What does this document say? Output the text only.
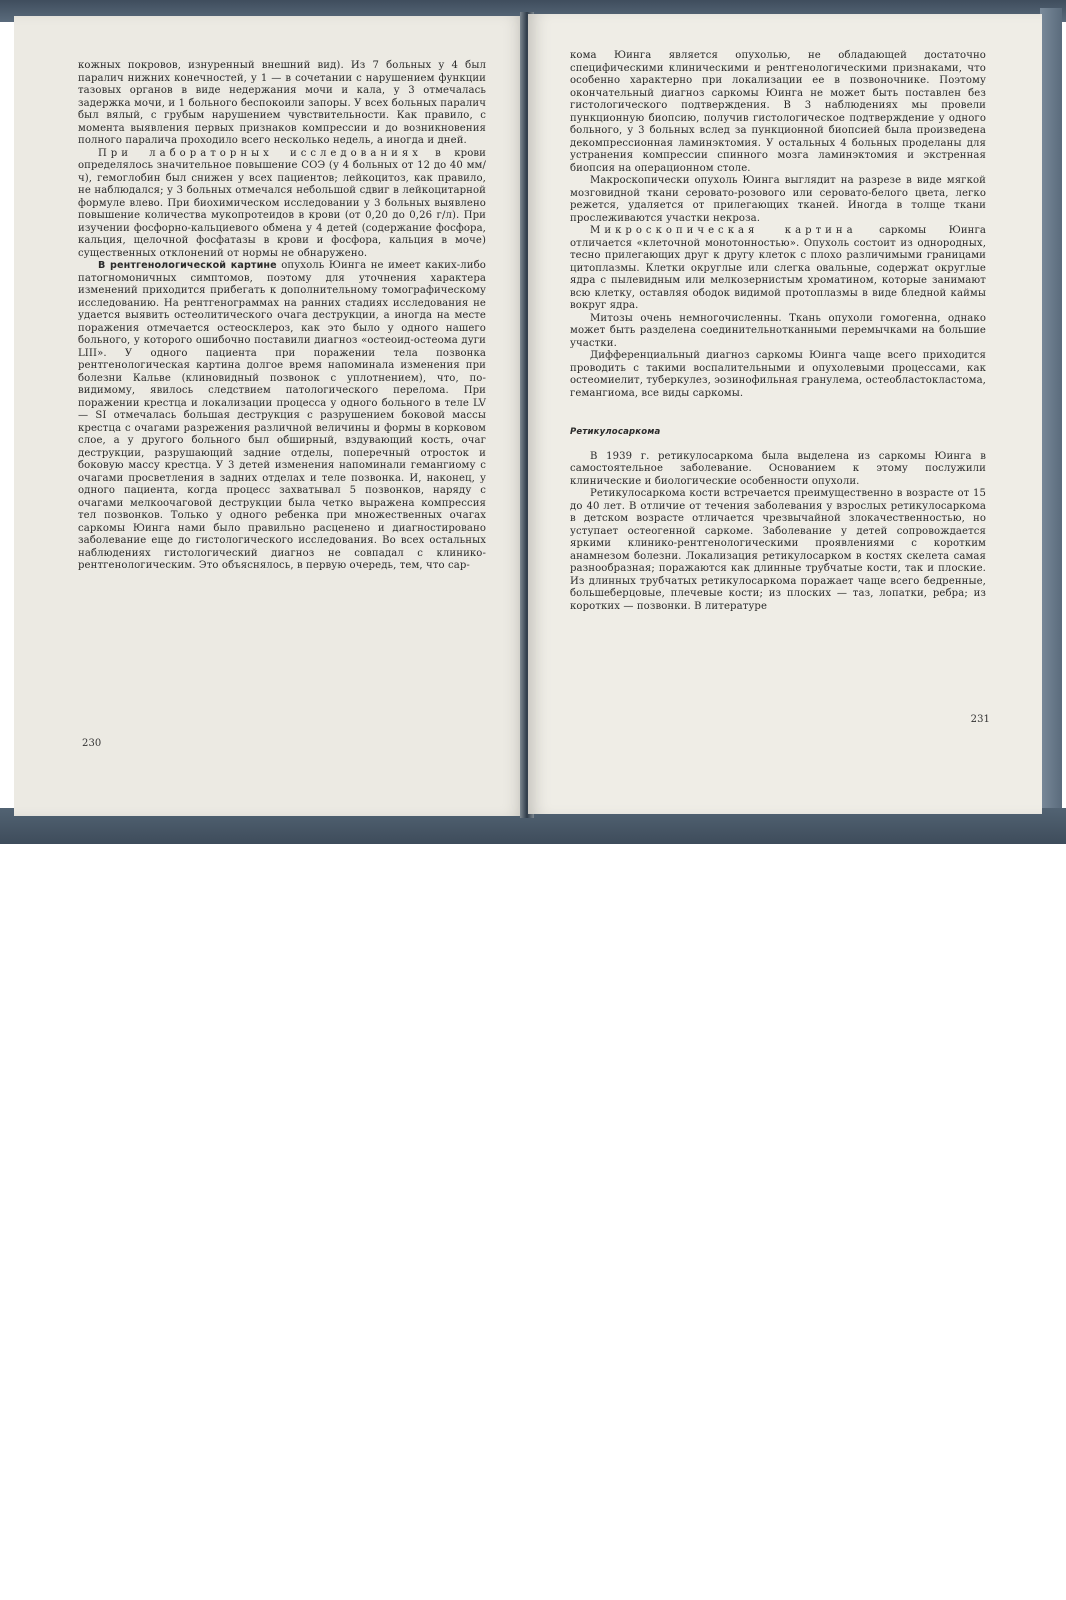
кожных покровов, изнуренный внешний вид). Из 7 больных у 4 был паралич нижних конечностей, у 1 — в сочетании с нарушением функции тазовых органов в виде недержания мочи и кала, у 3 отмечалась задержка мочи, и 1 больного беспокоили запоры. У всех больных паралич был вялый, с грубым нарушением чувствительности. Как правило, с момента выявления первых признаков компрессии и до возникновения полного паралича проходило всего несколько недель, а иногда и дней.

При лабораторных исследованиях в крови определялось значительное повышение СОЭ (у 4 больных от 12 до 40 мм/ч), гемоглобин был снижен у всех пациентов; лейкоцитоз, как правило, не наблюдался; у 3 больных отмечался небольшой сдвиг в лейкоцитарной формуле влево. При биохимическом исследовании у 3 больных выявлено повышение количества мукопротеидов в крови (от 0,20 до 0,26 г/л). При изучении фосфорно-кальциевого обмена у 4 детей (содержание фосфора, кальция, щелочной фосфатазы в крови и фосфора, кальция в моче) существенных отклонений от нормы не обнаружено.

В рентгенологической картине опухоль Юинга не имеет каких-либо патогномоничных симптомов, поэтому для уточнения характера изменений приходится прибегать к дополнительному томографическому исследованию. На рентгенограммах на ранних стадиях исследования не удается выявить остеолитического очага деструкции, а иногда на месте поражения отмечается остеосклероз, как это было у одного нашего больного, у которого ошибочно поставили диагноз «остеоид-остеома дуги LIII». У одного пациента при поражении тела позвонка рентгенологическая картина долгое время напоминала изменения при болезни Кальве (клиновидный позвонок с уплотнением), что, по-видимому, явилось следствием патологического перелома. При поражении крестца и локализации процесса у одного больного в теле LV — SI отмечалась большая деструкция с разрушением боковой массы крестца с очагами разрежения различной величины и формы в корковом слое, а у другого больного был обширный, вздувающий кость, очаг деструкции, разрушающий задние отделы, поперечный отросток и боковую массу крестца. У 3 детей изменения напоминали гемангиому с очагами просветления в задних отделах и теле позвонка. И, наконец, у одного пациента, когда процесс захватывал 5 позвонков, наряду с очагами мелкоочаговой деструкции была четко выражена компрессия тел позвонков. Только у одного ребенка при множественных очагах саркомы Юинга нами было правильно расценено и диагностировано заболевание еще до гистологического исследования. Во всех остальных наблюдениях гистологический диагноз не совпадал с клинико-рентгенологическим. Это объяснялось, в первую очередь, тем, что сар-

230

кома Юинга является опухолью, не обладающей достаточно специфическими клиническими и рентгенологическими признаками, что особенно характерно при локализации ее в позвоночнике. Поэтому окончательный диагноз саркомы Юинга не может быть поставлен без гистологического подтверждения. В 3 наблюдениях мы провели пункционную биопсию, получив гистологическое подтверждение у одного больного, у 3 больных вслед за пункционной биопсией была произведена декомпрессионная ламинэктомия. У остальных 4 больных проделаны для устранения компрессии спинного мозга ламинэктомия и экстренная биопсия на операционном столе.

Макроскопически опухоль Юинга выглядит на разрезе в виде мягкой мозговидной ткани серовато-розового или серовато-белого цвета, легко режется, удаляется от прилегающих тканей. Иногда в толще ткани прослеживаются участки некроза.

Микроскопическая картина саркомы Юинга отличается «клеточной монотонностью». Опухоль состоит из однородных, тесно прилегающих друг к другу клеток с плохо различимыми границами цитоплазмы. Клетки округлые или слегка овальные, содержат округлые ядра с пылевидным или мелкозернистым хроматином, которые занимают всю клетку, оставляя ободок видимой протоплазмы в виде бледной каймы вокруг ядра.

Митозы очень немногочисленны. Ткань опухоли гомогенна, однако может быть разделена соединительнотканными перемычками на большие участки.

Дифференциальный диагноз саркомы Юинга чаще всего приходится проводить с такими воспалительными и опухолевыми процессами, как остеомиелит, туберкулез, эозинофильная гранулема, остеобластокластома, гемангиома, все виды саркомы.

Ретикулосаркома

В 1939 г. ретикулосаркома была выделена из саркомы Юинга в самостоятельное заболевание. Основанием к этому послужили клинические и биологические особенности опухоли.

Ретикулосаркома кости встречается преимущественно в возрасте от 15 до 40 лет. В отличие от течения заболевания у взрослых ретикулосаркома в детском возрасте отличается чрезвычайной злокачественностью, но уступает остеогенной саркоме. Заболевание у детей сопровождается яркими клинико-рентгенологическими проявлениями с коротким анамнезом болезни. Локализация ретикулосарком в костях скелета самая разнообразная; поражаются как длинные трубчатые кости, так и плоские. Из длинных трубчатых ретикулосаркома поражает чаще всего бедренные, большеберцовые, плечевые кости; из плоских — таз, лопатки, ребра; из коротких — позвонки. В литературе

231
